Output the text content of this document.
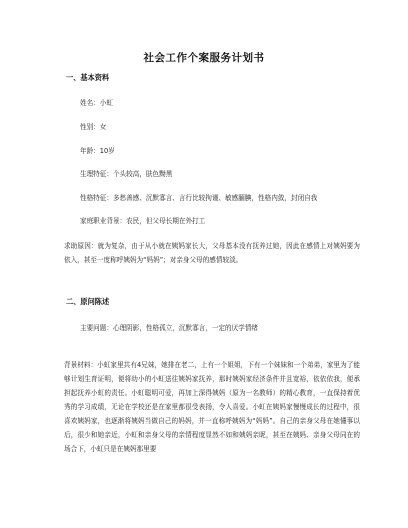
社会工作个案服务计划书
一、基本资料
姓名：小虹
性别：女
年龄：10岁
生理特征：个头较高，肤色黝黑
性格特征：多愁善感、沉默寡言、言行比较拘谨、敏感腼腆，性格内敛，封闭自我
家庭职业背景：农民，但父母长期在外打工
求助原因：就为复杂，由于从小就在姨妈家长大，父母基本没有抚养过她，因此在感情上对姨妈要为依入，甚至一度称呼姨妈为“妈妈”；对亲身父母的感情较淡。
二、原问陈述
主要问题：心理阴影，性格孤立，沉默寡言，一定的厌学情绪
背景材料：小虹家里共有4兄妹，她排在老二，上有一个姐姐，下有一个妹妹和一个弟弟，家里为了能够计划生育证明，便将幼小的小虹送往姨妈家抚养，那时姨妈家经济条件并且宽裕，依依依我，便承担起抚养小虹的责任。小虹聪明可爱，再加上深得姨妈（原为一名教师）的精心教育，一直保持着优秀的学习成绩，无论在学校还是在家里都很受表扬，令人喜爱。小虹在姨妈家慢慢成长的过程中，很喜欢姨妈家，也逐渐将姨妈当做自己的妈妈，并一直称呼姨妈为“妈妈”。自己的亲身父母在她懂事以后，很少和她亲近，小虹和亲身父母的亲情程度显然不如和姨妈亲昵，甚至在姨妈、亲身父母同在的场合下，小虹只是在姨妈那里要
